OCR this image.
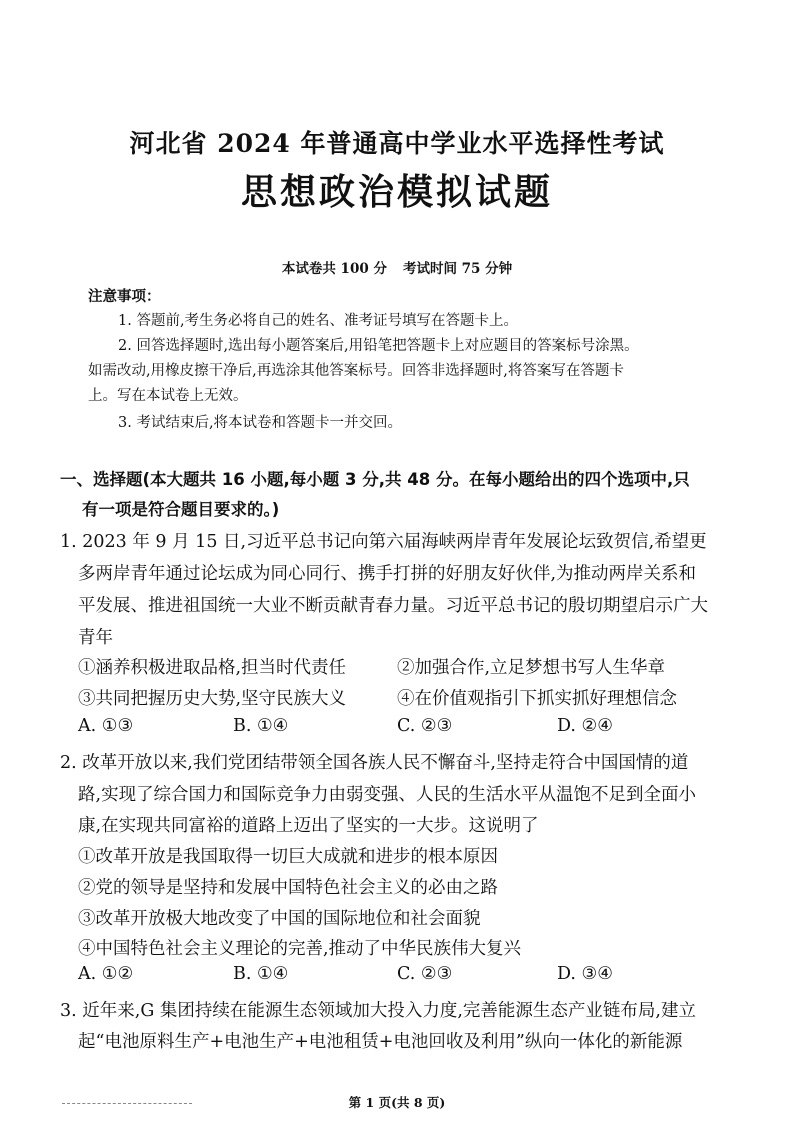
河北省 2024 年普通高中学业水平选择性考试
思想政治模拟试题
本试卷共 100 分 考试时间 75 分钟
注意事项：
1. 答题前,考生务必将自己的姓名、准考证号填写在答题卡上。
2. 回答选择题时,选出每小题答案后,用铅笔把答题卡上对应题目的答案标号涂黑。
如需改动,用橡皮擦干净后,再选涂其他答案标号。回答非选择题时,将答案写在答题卡
上。写在本试卷上无效。
3. 考试结束后,将本试卷和答题卡一并交回。
一、选择题(本大题共 16 小题,每小题 3 分,共 48 分。在每小题给出的四个选项中,只
有一项是符合题目要求的。)
1. 2023 年 9 月 15 日,习近平总书记向第六届海峡两岸青年发展论坛致贺信,希望更
多两岸青年通过论坛成为同心同行、携手打拼的好朋友好伙伴,为推动两岸关系和
平发展、推进祖国统一大业不断贡献青春力量。习近平总书记的殷切期望启示广大
青年
①涵养积极进取品格,担当时代责任	②加强合作,立足梦想书写人生华章
③共同把握历史大势,坚守民族大义	④在价值观指引下抓实抓好理想信念
A. ①③	B. ①④	C. ②③	D. ②④
2. 改革开放以来,我们党团结带领全国各族人民不懈奋斗,坚持走符合中国国情的道
路,实现了综合国力和国际竞争力由弱变强、人民的生活水平从温饱不足到全面小
康,在实现共同富裕的道路上迈出了坚实的一大步。这说明了
①改革开放是我国取得一切巨大成就和进步的根本原因
②党的领导是坚持和发展中国特色社会主义的必由之路
③改革开放极大地改变了中国的国际地位和社会面貌
④中国特色社会主义理论的完善,推动了中华民族伟大复兴
A. ①②	B. ①④	C. ②③	D. ③④
3. 近年来,G 集团持续在能源生态领域加大投入力度,完善能源生态产业链布局,建立
起“电池原料生产+电池生产+电池租赁+电池回收及利用”纵向一体化的新能源
第 1 页(共 8 页)
